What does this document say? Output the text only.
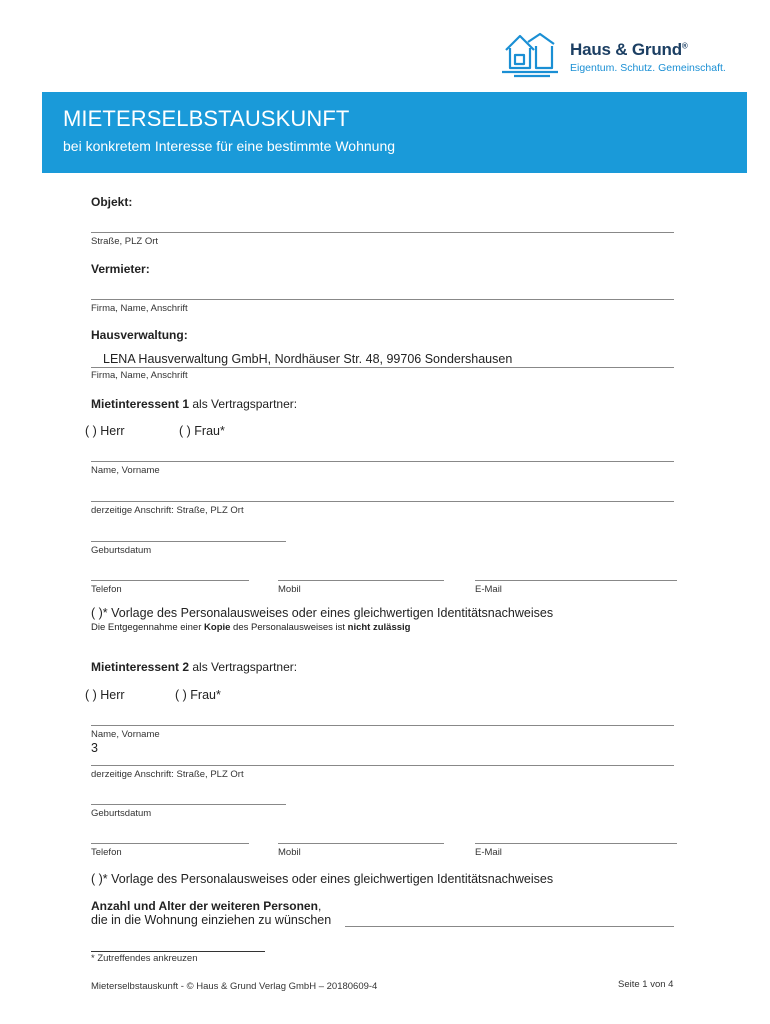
Haus & Grund®
Eigentum. Schutz. Gemeinschaft.
MIETERSELBSTAUSKUNFT
bei konkretem Interesse für eine bestimmte Wohnung
Objekt:
Straße, PLZ Ort
Vermieter:
Firma, Name, Anschrift
Hausverwaltung:
LENA Hausverwaltung GmbH, Nordhäuser Str. 48, 99706 Sondershausen
Firma, Name, Anschrift
Mietinteressent 1 als Vertragspartner:
( ) Herr	( ) Frau*
Name, Vorname
derzeitige Anschrift: Straße, PLZ Ort
Geburtsdatum
Telefon	Mobil	E-Mail
( )* Vorlage des Personalausweises oder eines gleichwertigen Identitätsnachweises
Die Entgegennahme einer Kopie des Personalausweises ist nicht zulässig
Mietinteressent 2 als Vertragspartner:
( ) Herr	( ) Frau*
Name, Vorname
3
derzeitige Anschrift: Straße, PLZ Ort
Geburtsdatum
Telefon	Mobil	E-Mail
( )* Vorlage des Personalausweises oder eines gleichwertigen Identitätsnachweises
Anzahl und Alter der weiteren Personen,
die in die Wohnung einziehen zu wünschen
* Zutreffendes ankreuzen
Mieterselbstauskunft - © Haus & Grund Verlag GmbH – 20180609-4	Seite 1 von 4
